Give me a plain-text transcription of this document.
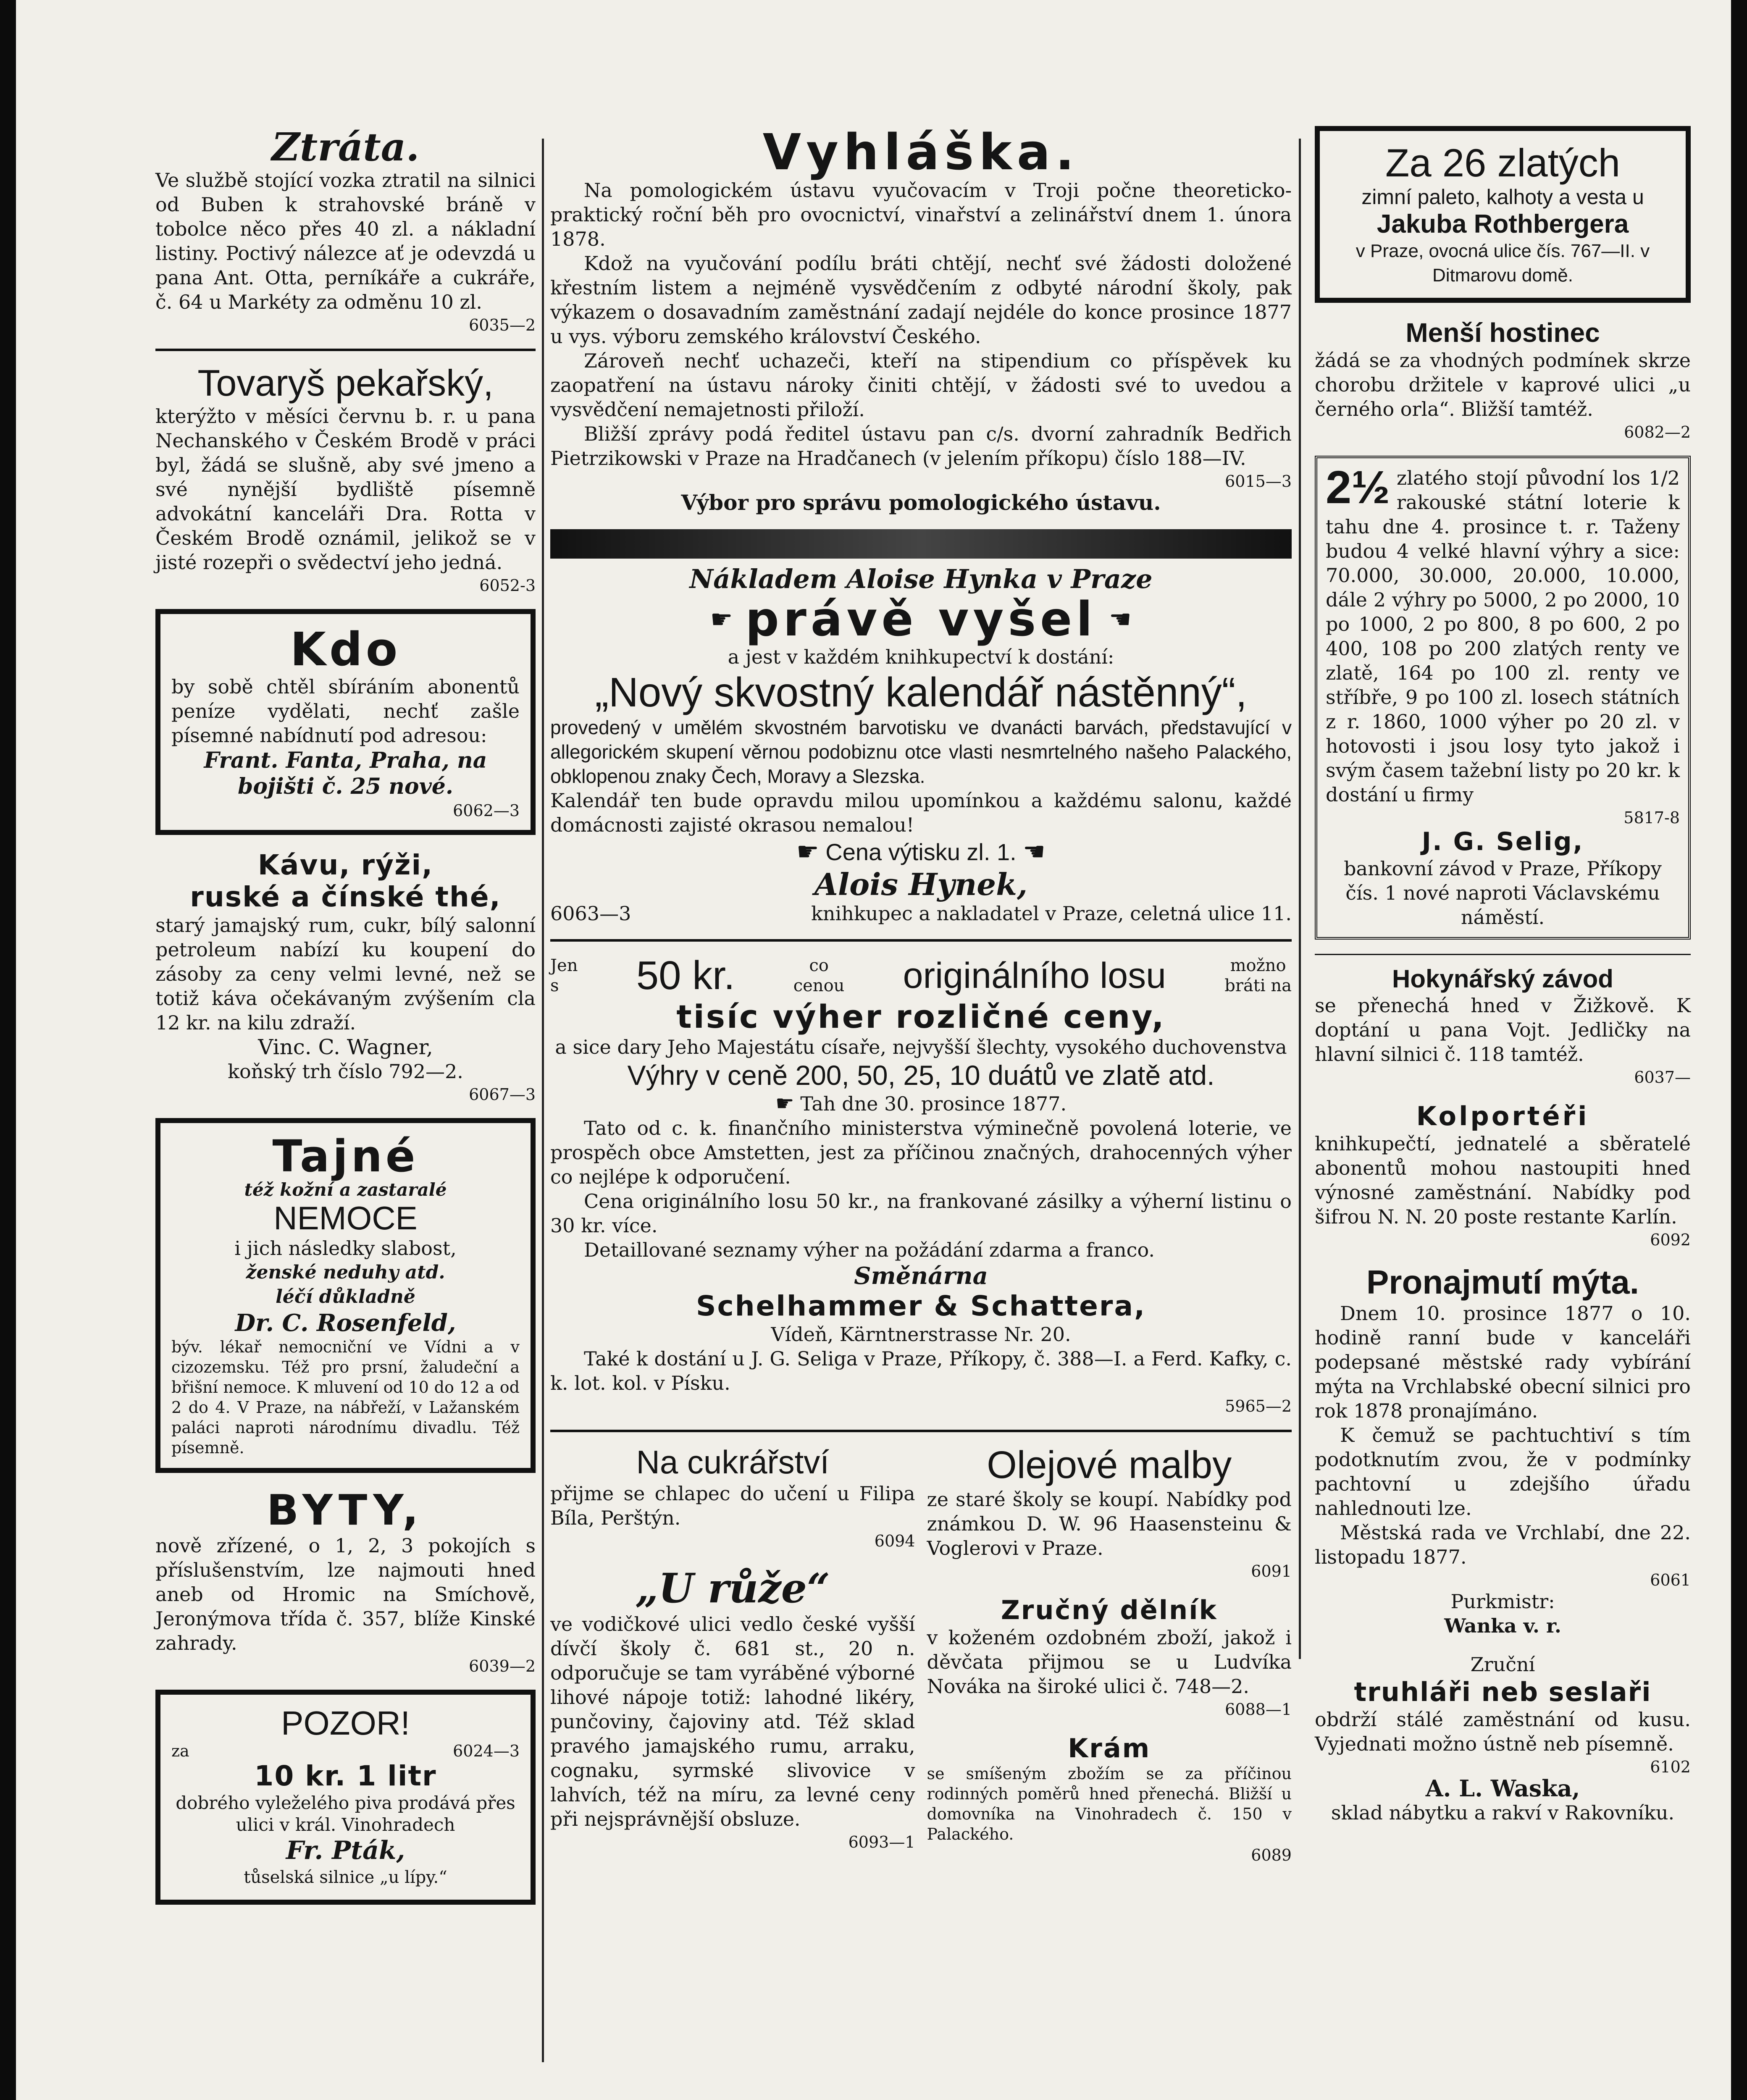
Ztráta.
Ve službě stojící vozka ztratil na silnici od Buben k strahovské bráně v tobolce něco přes 40 zl. a nákladní listiny. Poctivý nálezce ať je odevzdá u pana Ant. Otta, perníkáře a cukráře, č. 64 u Markéty za odměnu 10 zl.
6035—2
Tovaryš pekařský,
kterýžto v měsíci červnu b. r. u pana Nechanského v Českém Brodě v práci byl, žádá se slušně, aby své jmeno a své nynější bydliště písemně advokátní kanceláři Dra. Rotta v Českém Brodě oznámil, jelikož se v jisté rozepři o svědectví jeho jedná.
6052-3
Kdo
by sobě chtěl sbíráním abonentů peníze vydělati, nechť zašle písemné nabídnutí pod adresou:
Frant. Fanta, Praha, na bojišti č. 25 nové.
6062—3
Kávu, rýži,
ruské a čínské thé,
starý jamajský rum, cukr, bílý salonní petroleum nabízí ku koupení do zásoby za ceny velmi levné, než se totiž káva očekávaným zvýšením cla 12 kr. na kilu zdraží.
Vinc. C. Wagner,
koňský trh číslo 792—2.
6067—3
Tajné
též kožní a zastaralé
NEMOCE
i jich následky slabost,
ženské neduhy atd.
léčí důkladně
Dr. C. Rosenfeld,
býv. lékař nemocniční ve Vídni a v cizozemsku. Též pro prsní, žaludeční a břišní nemoce. K mluvení od 10 do 12 a od 2 do 4. V Praze, na nábřeží, v Lažanském paláci naproti národnímu divadlu. Též písemně.
BYTY,
nově zřízené, o 1, 2, 3 pokojích s příslušenstvím, lze najmouti hned aneb od Hromic na Smíchově, Jeronýmova třída č. 357, blíže Kinské zahrady.
6039—2
POZOR!
za	6024—3
10 kr. 1 litr
dobrého vyleželého piva prodává přes ulici v král. Vinohradech
Fr. Pták,
tůselská silnice „u lípy.“
Vyhláška.
Na pomologickém ústavu vyučovacím v Troji počne theoreticko-praktický roční běh pro ovocnictví, vinařství a zelinářství dnem 1. února 1878.
Kdož na vyučování podílu bráti chtějí, nechť své žádosti doložené křestním listem a nejméně vysvědčením z odbyté národní školy, pak výkazem o dosavadním zaměstnání zadají nejdéle do konce prosince 1877 u vys. výboru zemského království Českého.
Zároveň nechť uchazeči, kteří na stipendium co příspěvek ku zaopatření na ústavu nároky činiti chtějí, v žádosti své to uvedou a vysvědčení nemajetnosti přiloží.
Bližší zprávy podá ředitel ústavu pan c/s. dvorní zahradník Bedřich Pietrzikowski v Praze na Hradčanech (v jelením příkopu) číslo 188—IV.
6015—3
Výbor pro správu pomologického ústavu.
Nákladem Aloise Hynka v Praze
☛ právě vyšel ☛
a jest v každém knihkupectví k dostání:
„Nový skvostný kalendář nástěnný“,
provedený v umělém skvostném barvotisku ve dvanácti barvách, představující v allegorickém skupení věrnou podobiznu otce vlasti nesmrtelného našeho Palackého, obklopenou znaky Čech, Moravy a Slezska.
Kalendář ten bude opravdu milou upomínkou a každému salonu, každé domácnosti zajisté okrasou nemalou!
☛ Cena výtisku zl. 1. ☛
Alois Hynek,
6063—3	knihkupec a nakladatel v Praze, celetná ulice 11.
Jen
s	50 kr.	co
cenou originálního losu	možno
bráti na
tisíc výher rozličné ceny,
a sice dary Jeho Majestátu císaře, nejvyšší šlechty, vysokého duchovenstva
Výhry v ceně 200, 50, 25, 10 duátů ve zlatě atd.
☛ Tah dne 30. prosince 1877.
Tato od c. k. finančního ministerstva výminečně povolená loterie, ve prospěch obce Amstetten, jest za příčinou značných, drahocenných výher co nejlépe k odporučení.
Cena originálního losu 50 kr., na frankované zásilky a výherní listinu o 30 kr. více.
Detaillované seznamy výher na požádání zdarma a franco.
Směnárna
Schelhammer & Schattera,
Vídeň, Kärntnerstrasse Nr. 20.
Také k dostání u J. G. Seliga v Praze, Příkopy, č. 388—I. a Ferd. Kafky, c. k. lot. kol. v Písku.
5965—2
Na cukrářství
přijme se chlapec do učení u Filipa Bíla, Perštýn.
6094
„U růže“
ve vodičkové ulici vedlo české vyšší dívčí školy č. 681 st., 20 n. odporučuje se tam vyráběné výborné lihové nápoje totiž: lahodné likéry, punčoviny, čajoviny atd. Též sklad pravého jamajského rumu, arraku, cognaku, syrmské slivovice v lahvích, též na míru, za levné ceny při nejsprávnější obsluze.
6093—1
Olejové malby
ze staré školy se koupí. Nabídky pod známkou D. W. 96 Haasensteinu & Voglerovi v Praze.
6091
Zručný dělník
v koženém ozdobném zboží, jakož i děvčata přijmou se u Ludvíka Nováka na široké ulici č. 748—2.
6088—1
Krám
se smíšeným zbožím se za příčinou rodinných poměrů hned přenechá. Bližší u domovníka na Vinohradech č. 150 v Palackého.
6089
Za 26 zlatých
zimní paleto, kalhoty a vesta u
Jakuba Rothbergera
v Praze, ovocná ulice čís. 767—II. v Ditmarovu domě.
Menší hostinec
žádá se za vhodných podmínek skrze chorobu držitele v kaprové ulici „u černého orla“. Bližší tamtéž.
6082—2
2½ zlatého stojí původní los 1/2 rakouské státní loterie k tahu dne 4. prosince t. r. Taženy budou 4 velké hlavní výhry a sice: 70.000, 30.000, 20.000, 10.000, dále 2 výhry po 5000, 2 po 2000, 10 po 1000, 2 po 800, 8 po 600, 2 po 400, 108 po 200 zlatých renty ve zlatě, 164 po 100 zl. renty ve stříbře, 9 po 100 zl. losech státních z r. 1860, 1000 výher po 20 zl. v hotovosti i jsou losy tyto jakož i svým časem tažební listy po 20 kr. k dostání u firmy
5817-8
J. G. Selig,
bankovní závod v Praze, Příkopy čís. 1 nové naproti Václavskému náměstí.
Hokynářský závod
se přenechá hned v Žižkově. K doptání u pana Vojt. Jedličky na hlavní silnici č. 118 tamtéž.
6037—
Kolportéři
knihkupečtí, jednatelé a sběratelé abonentů mohou nastoupiti hned výnosné zaměstnání. Nabídky pod šifrou N. N. 20 poste restante Karlín.
6092
Pronajmutí mýta.
Dnem 10. prosince 1877 o 10. hodině ranní bude v kanceláři podepsané městské rady vybírání mýta na Vrchlabské obecní silnici pro rok 1878 pronajímáno.
K čemuž se pachtuchtiví s tím podotknutím zvou, že v podmínky pachtovní u zdejšího úřadu nahlednouti lze.
Městská rada ve Vrchlabí, dne 22. listopadu 1877.
6061
Purkmistr:
Wanka v. r.
Zruční
truhláři neb seslaři
obdrží stálé zaměstnání od kusu. Vyjednati možno ústně neb písemně.
6102
A. L. Waska,
sklad nábytku a rakví v Rakovníku.
